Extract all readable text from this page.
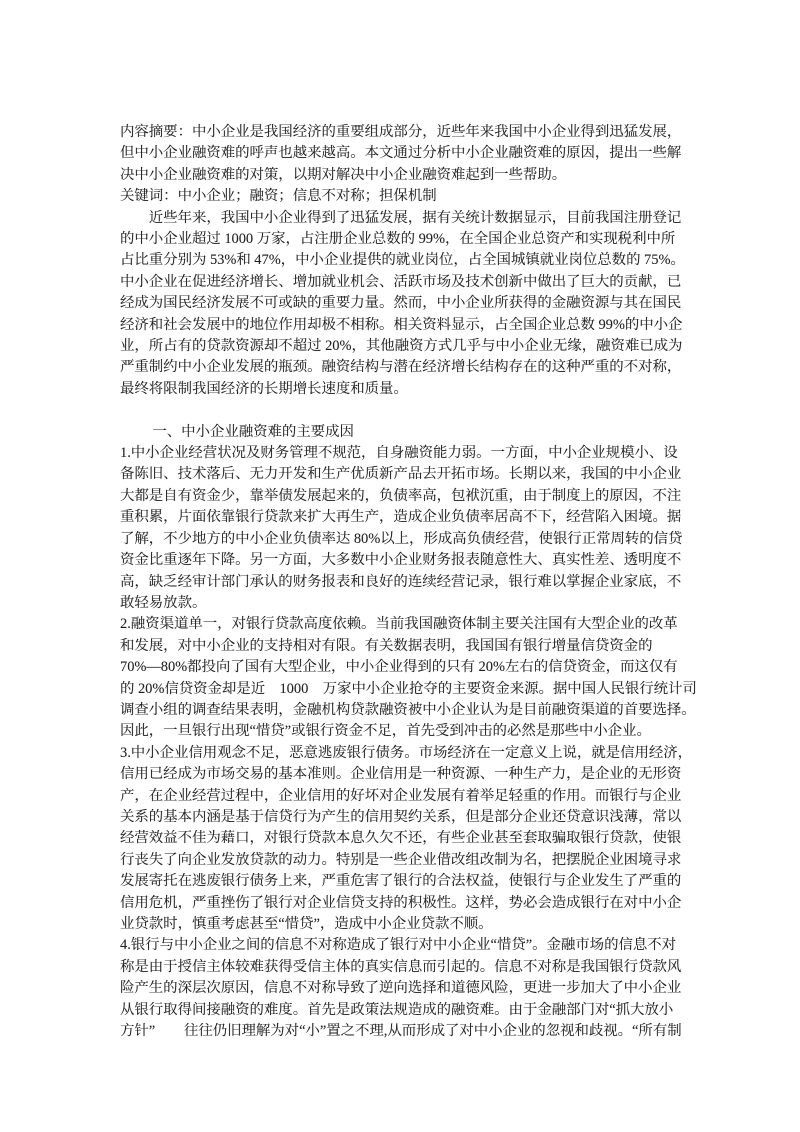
内容摘要：中小企业是我国经济的重要组成部分，近些年来我国中小企业得到迅猛发展，
但中小企业融资难的呼声也越来越高。本文通过分析中小企业融资难的原因，提出一些解
决中小企业融资难的对策，以期对解决中小企业融资难起到一些帮助。
关键词：中小企业；融资；信息不对称；担保机制
　　近些年来，我国中小企业得到了迅猛发展，据有关统计数据显示，目前我国注册登记
的中小企业超过 1000 万家，占注册企业总数的 99%，在全国企业总资产和实现税利中所
占比重分别为 53%和 47%，中小企业提供的就业岗位，占全国城镇就业岗位总数的 75%。
中小企业在促进经济增长、增加就业机会、活跃市场及技术创新中做出了巨大的贡献，已
经成为国民经济发展不可或缺的重要力量。然而，中小企业所获得的金融资源与其在国民
经济和社会发展中的地位作用却极不相称。相关资料显示，占全国企业总数 99%的中小企
业，所占有的贷款资源却不超过 20%，其他融资方式几乎与中小企业无缘，融资难已成为
严重制约中小企业发展的瓶颈。融资结构与潜在经济增长结构存在的这种严重的不对称，
最终将限制我国经济的长期增长速度和质量。
　　 一、中小企业融资难的主要成因
1.中小企业经营状况及财务管理不规范，自身融资能力弱。一方面，中小企业规模小、设
备陈旧、技术落后、无力开发和生产优质新产品去开拓市场。长期以来，我国的中小企业
大都是自有资金少，靠举债发展起来的，负债率高，包袱沉重，由于制度上的原因，不注
重积累，片面依靠银行贷款来扩大再生产，造成企业负债率居高不下，经营陷入困境。据
了解，不少地方的中小企业负债率达 80%以上，形成高负债经营，使银行正常周转的信贷
资金比重逐年下降。另一方面，大多数中小企业财务报表随意性大、真实性差、透明度不
高，缺乏经审计部门承认的财务报表和良好的连续经营记录，银行难以掌握企业家底，不
敢轻易放款。
2.融资渠道单一，对银行贷款高度依赖。当前我国融资体制主要关注国有大型企业的改革
和发展，对中小企业的支持相对有限。有关数据表明，我国国有银行增量信贷资金的
70%—80%都投向了国有大型企业，中小企业得到的只有 20%左右的信贷资金，而这仅有
的 20%信贷资金却是近　1000　万家中小企业抢夺的主要资金来源。据中国人民银行统计司
调查小组的调查结果表明，金融机构贷款融资被中小企业认为是目前融资渠道的首要选择。
因此，一旦银行出现“惜贷”或银行资金不足，首先受到冲击的必然是那些中小企业。
3.中小企业信用观念不足，恶意逃废银行债务。市场经济在一定意义上说，就是信用经济，
信用已经成为市场交易的基本准则。企业信用是一种资源、一种生产力，是企业的无形资
产，在企业经营过程中，企业信用的好坏对企业发展有着举足轻重的作用。而银行与企业
关系的基本内涵是基于信贷行为产生的信用契约关系，但是部分企业还贷意识浅薄，常以
经营效益不佳为藉口，对银行贷款本息久欠不还，有些企业甚至套取骗取银行贷款，使银
行丧失了向企业发放贷款的动力。特别是一些企业借改组改制为名，把摆脱企业困境寻求
发展寄托在逃废银行债务上来，严重危害了银行的合法权益，使银行与企业发生了严重的
信用危机，严重挫伤了银行对企业信贷支持的积极性。这样，势必会造成银行在对中小企
业贷款时，慎重考虑甚至“惜贷”，造成中小企业贷款不顺。
4.银行与中小企业之间的信息不对称造成了银行对中小企业“惜贷”。金融市场的信息不对
称是由于授信主体较难获得受信主体的真实信息而引起的。信息不对称是我国银行贷款风
险产生的深层次原因，信息不对称导致了逆向选择和道德风险，更进一步加大了中小企业
从银行取得间接融资的难度。首先是政策法规造成的融资难。由于金融部门对“抓大放小
方针”　　往往仍旧理解为对“小”置之不理,从而形成了对中小企业的忽视和歧视。“所有制
